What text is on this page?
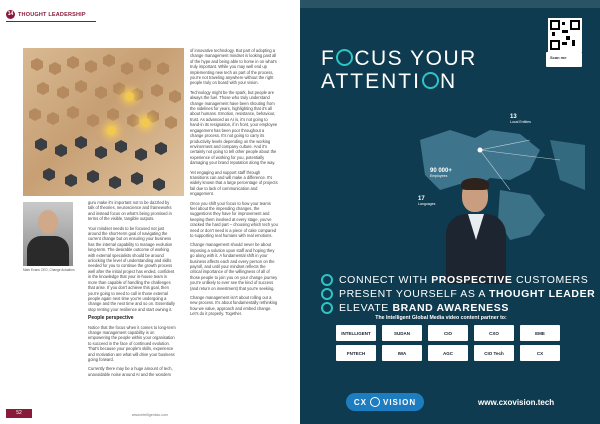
14 THOUGHT LEADERSHIP
Mark Evans CEO, Change Actuation

guru make it's important not to be dazzled by talk of theories, neuroscience and frameworks and instead focus on what's being promised in terms of the visible, tangible outputs.

Your mindset needs to be focused not just around the short-term goal of navigating the current change but on ensuring your business has the internal capability to manage evolution long-term. The desirable outcome of working with external specialists should be around unlocking the level of understanding and skills needed for you to continue the growth process well after the initial project has ended, confident in the knowledge that your in-house team is more than capable of handling the challenges that arise. If you don't achieve this goal, then you're going to need to call in those external people again next time you're undergoing a change and the next time and so on. Essentially stop renting your resilience and start owning it.

People perspective

Notice that the focus when it comes to long-term change management capability is on empowering the people within your organisation to succeed in the face of continued evolution. That's because your people's skills, experience and motivation are what will drive your business going forward.

Currently there may be a huge amount of tech, unavoidable noise around AI and the wonders

of innovative technology. But part of adopting a change management mindset is looking past all of the hype and being able to home in on what's truly important. While you may well end up implementing new tech as part of the process, you're not traveling anywhere without the right people truly on board with your vision.

Technology might be the spark, but people are always the fuel. Those who truly understand change management have been shouting from the sidelines for years, highlighting that it's all about humans. Emotion, resistance, behaviour, trust. As advanced as AI is, it's not going to hand-in its resignation, if in front, your employee engagement has been poor throughout a change process. It's not going to carry its productivity levels depending on the working environment and company culture. And it's certainly not going to tell other people about the experience of working for you, potentially damaging your brand reputation along the way.

Yet engaging and support staff through transitions can and will make a difference. It's widely known that a large percentage of projects fail due to lack of communication and engagement.

Once you shift your focus to how your teams feel about the impending changes, the suggestions they have for improvement and keeping them involved at every stage, you've cracked the hard part – choosing which tech you need or don't need is a piece of cake compared to supporting real humans with real emotions.

Change management should never be about imposing a solution upon staff and hoping they go along with it. A fundamental shift in your business affects each and every person on the payroll, and until your mindset reflects the critical importance of the willingness of all of those people to join you on your change journey you're unlikely to ever see the kind of success (and return on investment) that you're seeking.

Change management isn't about rolling out a new process. It's about fundamentally rethinking how we value, approach and embed change. Let's do it properly. Together.

52	www.intelligentcio.com
Scan me
F CUS YOUR
ATTENTI N
13
Local Entities
90 000+
Employees
17
Languages
CONNECT WITH PROSPECTIVE CUSTOMERS
PRESENT YOURSELF AS A THOUGHT LEADER
ELEVATE BRAND AWARENESS
The Intelligent Global Media video content partner to:
INTELLIGENT	SUDAN	CIO	CXO	EME
FNTECH	IWA	AGC	CIO Tech	CX
CX VISION	www.cxovision.tech
